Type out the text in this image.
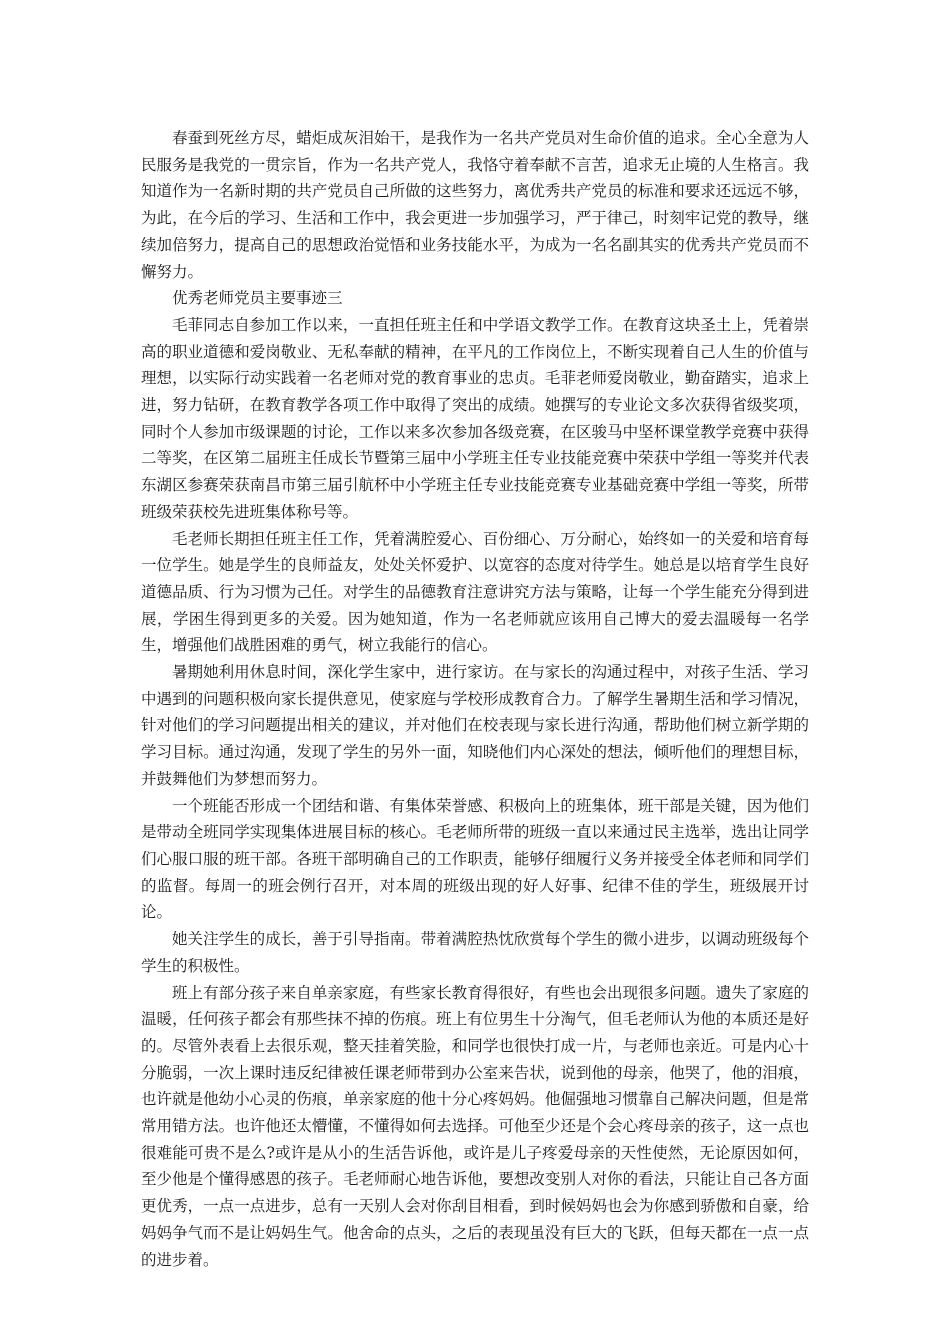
春蚕到死丝方尽，蜡炬成灰泪始干，是我作为一名共产党员对生命价值的追求。全心全意为人民服务是我党的一贯宗旨，作为一名共产党人，我恪守着奉献不言苦，追求无止境的人生格言。我知道作为一名新时期的共产党员自己所做的这些努力，离优秀共产党员的标准和要求还远远不够，为此，在今后的学习、生活和工作中，我会更进一步加强学习，严于律己，时刻牢记党的教导，继续加倍努力，提高自己的思想政治觉悟和业务技能水平，为成为一名名副其实的优秀共产党员而不懈努力。

优秀老师党员主要事迹三

毛菲同志自参加工作以来，一直担任班主任和中学语文教学工作。在教育这块圣土上，凭着崇高的职业道德和爱岗敬业、无私奉献的精神，在平凡的工作岗位上，不断实现着自己人生的价值与理想，以实际行动实践着一名老师对党的教育事业的忠贞。毛菲老师爱岗敬业，勤奋踏实，追求上进，努力钻研，在教育教学各项工作中取得了突出的成绩。她撰写的专业论文多次获得省级奖项，同时个人参加市级课题的讨论，工作以来多次参加各级竞赛，在区骏马中坚杯课堂教学竞赛中获得二等奖，在区第二届班主任成长节暨第三届中小学班主任专业技能竞赛中荣获中学组一等奖并代表东湖区参赛荣获南昌市第三届引航杯中小学班主任专业技能竞赛专业基础竞赛中学组一等奖，所带班级荣获校先进班集体称号等。

毛老师长期担任班主任工作，凭着满腔爱心、百份细心、万分耐心，始终如一的关爱和培育每一位学生。她是学生的良师益友，处处关怀爱护、以宽容的态度对待学生。她总是以培育学生良好道德品质、行为习惯为己任。对学生的品德教育注意讲究方法与策略，让每一个学生能充分得到进展，学困生得到更多的关爱。因为她知道，作为一名老师就应该用自己博大的爱去温暖每一名学生，增强他们战胜困难的勇气，树立我能行的信心。

暑期她利用休息时间，深化学生家中，进行家访。在与家长的沟通过程中，对孩子生活、学习中遇到的问题积极向家长提供意见，使家庭与学校形成教育合力。了解学生暑期生活和学习情况，针对他们的学习问题提出相关的建议，并对他们在校表现与家长进行沟通，帮助他们树立新学期的学习目标。通过沟通，发现了学生的另外一面，知晓他们内心深处的想法，倾听他们的理想目标，并鼓舞他们为梦想而努力。

一个班能否形成一个团结和谐、有集体荣誉感、积极向上的班集体，班干部是关键，因为他们是带动全班同学实现集体进展目标的核心。毛老师所带的班级一直以来通过民主选举，选出让同学们心服口服的班干部。各班干部明确自己的工作职责，能够仔细履行义务并接受全体老师和同学们的监督。每周一的班会例行召开，对本周的班级出现的好人好事、纪律不佳的学生，班级展开讨论。

她关注学生的成长，善于引导指南。带着满腔热忱欣赏每个学生的微小进步，以调动班级每个学生的积极性。

班上有部分孩子来自单亲家庭，有些家长教育得很好，有些也会出现很多问题。遗失了家庭的温暖，任何孩子都会有那些抹不掉的伤痕。班上有位男生十分淘气，但毛老师认为他的本质还是好的。尽管外表看上去很乐观，整天挂着笑脸，和同学也很快打成一片，与老师也亲近。可是内心十分脆弱，一次上课时违反纪律被任课老师带到办公室来告状，说到他的母亲，他哭了，他的泪痕，也许就是他幼小心灵的伤痕，单亲家庭的他十分心疼妈妈。他倔强地习惯靠自己解决问题，但是常常用错方法。也许他还太懵懂，不懂得如何去选择。可他至少还是个会心疼母亲的孩子，这一点也很难能可贵不是么?或许是从小的生活告诉他，或许是儿子疼爱母亲的天性使然，无论原因如何，至少他是个懂得感恩的孩子。毛老师耐心地告诉他，要想改变别人对你的看法，只能让自己各方面更优秀，一点一点进步，总有一天别人会对你刮目相看，到时候妈妈也会为你感到骄傲和自豪，给妈妈争气而不是让妈妈生气。他舍命的点头，之后的表现虽没有巨大的飞跃，但每天都在一点一点的进步着。
